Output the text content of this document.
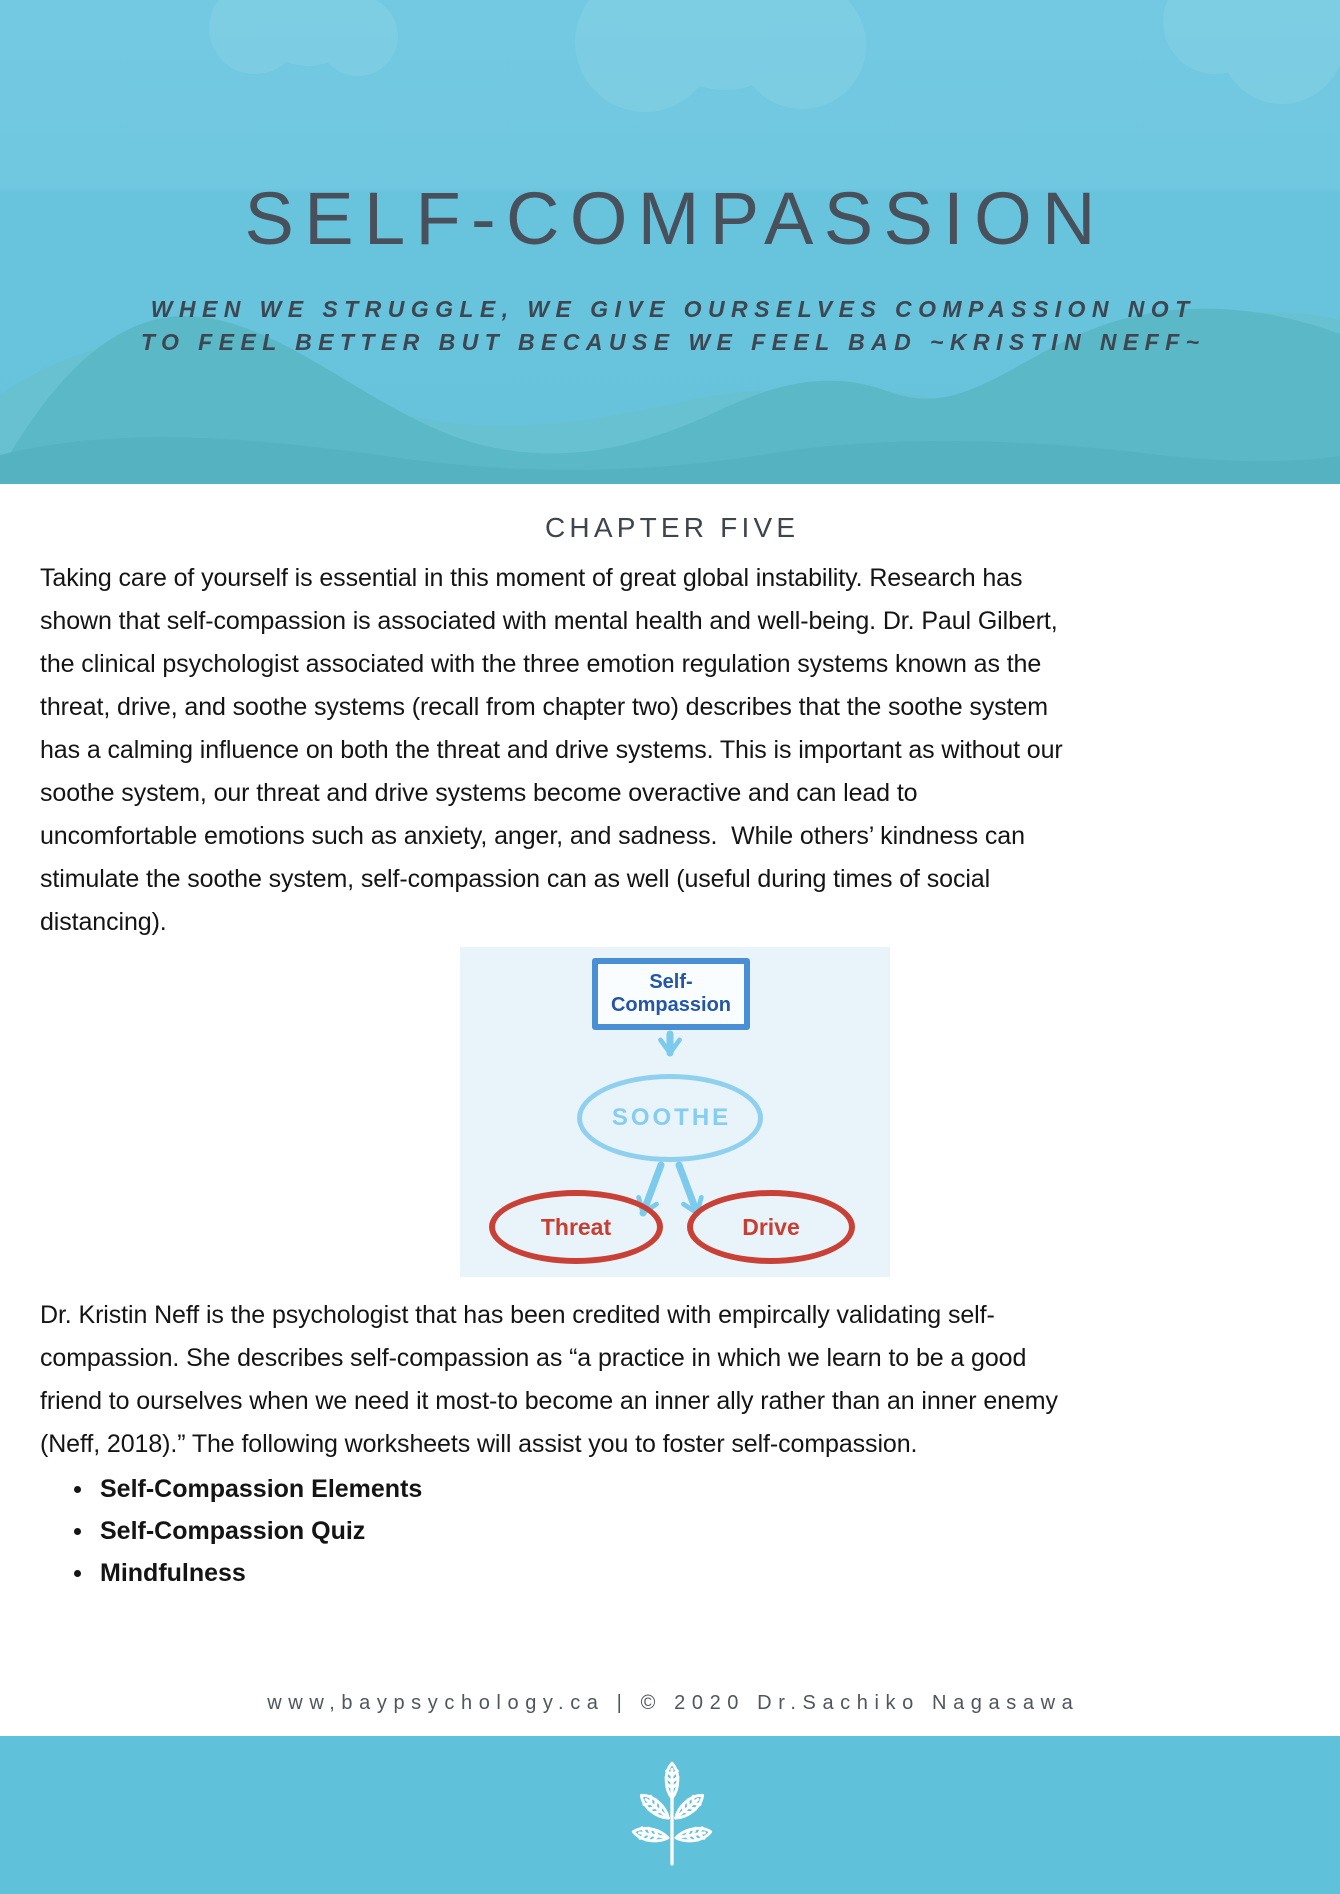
SELF-COMPASSION
WHEN WE STRUGGLE, WE GIVE OURSELVES COMPASSION NOT
TO FEEL BETTER BUT BECAUSE WE FEEL BAD ~KRISTIN NEFF~
CHAPTER FIVE
Taking care of yourself is essential in this moment of great global instability. Research has
shown that self-compassion is associated with mental health and well-being. Dr. Paul Gilbert,
the clinical psychologist associated with the three emotion regulation systems known as the
threat, drive, and soothe systems (recall from chapter two) describes that the soothe system
has a calming influence on both the threat and drive systems. This is important as without our
soothe system, our threat and drive systems become overactive and can lead to
uncomfortable emotions such as anxiety, anger, and sadness.  While others’ kindness can
stimulate the soothe system, self-compassion can as well (useful during times of social
distancing).
Self-
Compassion
SOOTHE
Threat	Drive
Dr. Kristin Neff is the psychologist that has been credited with empircally validating self-
compassion. She describes self-compassion as “a practice in which we learn to be a good
friend to ourselves when we need it most-to become an inner ally rather than an inner enemy
(Neff, 2018).” The following worksheets will assist you to foster self-compassion.
Self-Compassion Elements
Self-Compassion Quiz
Mindfulness
www,baypsychology.ca | © 2020 Dr.Sachiko Nagasawa
